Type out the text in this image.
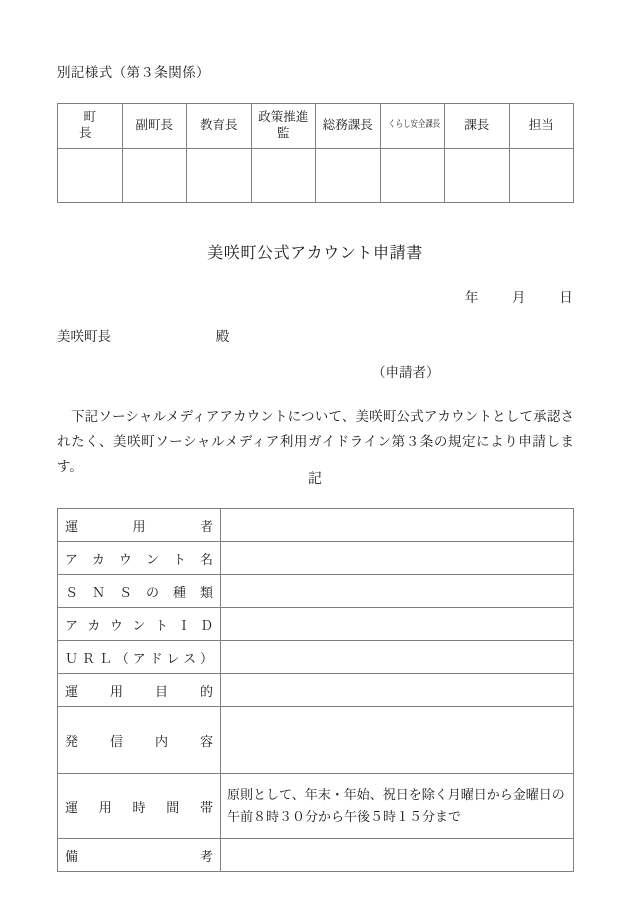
別記様式（第３条関係）
町　長	副町長	教育長	政策推進監	総務課長	くらし安全課長	課長	担当

美咲町公式アカウント申請書
年 月 日
美咲町長	殿
（申請者）
下記ソーシャルメディアアカウントについて、美咲町公式アカウントとして承認されたく、美咲町ソーシャルメディア利用ガイドライン第３条の規定により申請します。
記
運用者	
アカウント名	
ＳＮＳの種類	
アカウントＩＤ	
ＵＲＬ（アドレス）	
運用目的	
発信内容	
運用時間帯	原則として、年末・年始、祝日を除く月曜日から金曜日の午前８時３０分から午後５時１５分まで
備考	
